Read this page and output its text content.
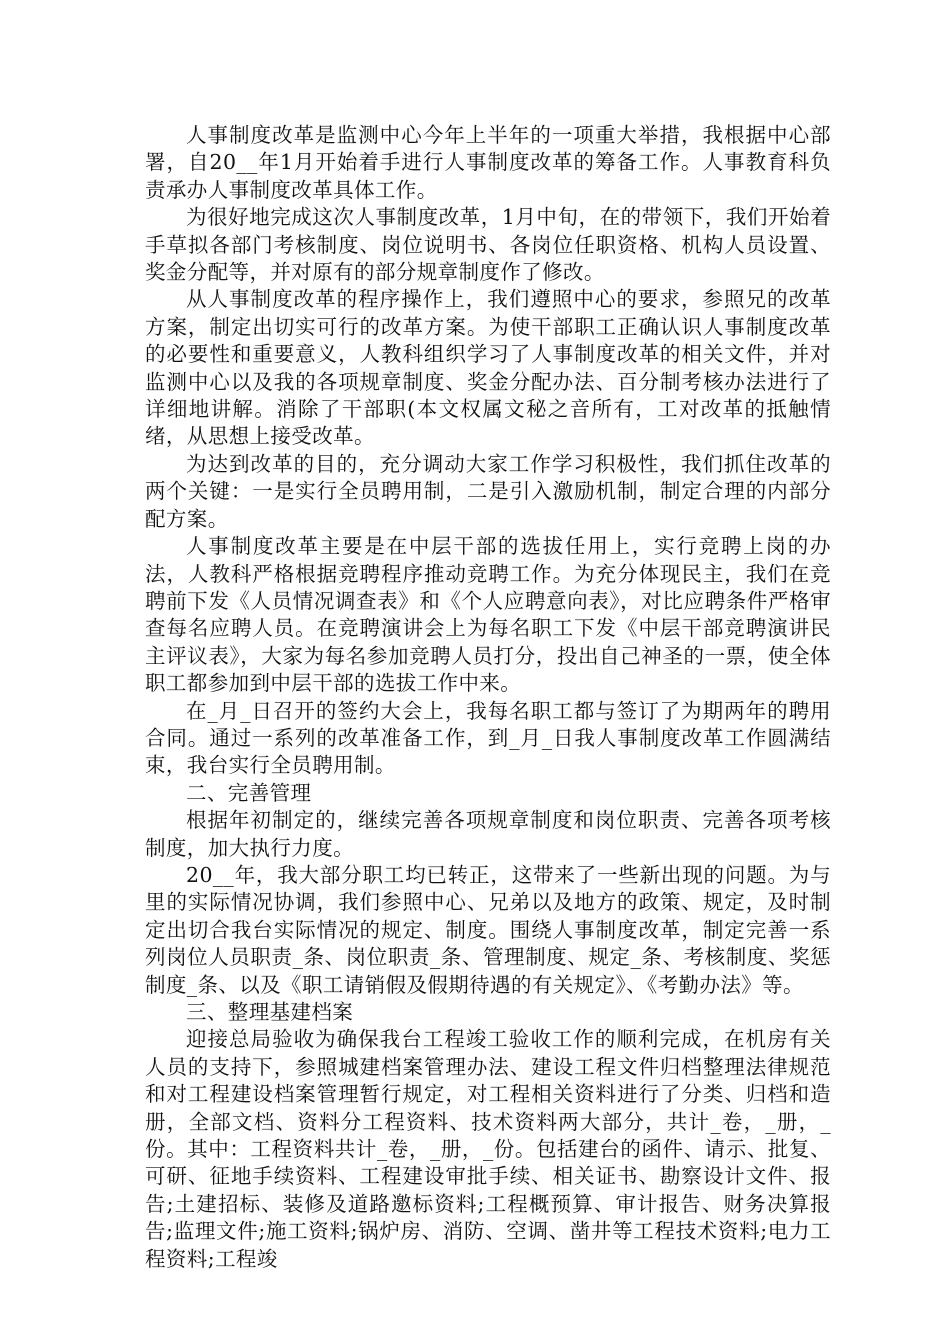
人事制度改革是监测中心今年上半年的一项重大举措，我根据中心部署，自20__年1月开始着手进行人事制度改革的筹备工作。人事教育科负责承办人事制度改革具体工作。

为很好地完成这次人事制度改革，1月中旬，在的带领下，我们开始着手草拟各部门考核制度、岗位说明书、各岗位任职资格、机构人员设置、奖金分配等，并对原有的部分规章制度作了修改。

从人事制度改革的程序操作上，我们遵照中心的要求，参照兄的改革方案，制定出切实可行的改革方案。为使干部职工正确认识人事制度改革的必要性和重要意义，人教科组织学习了人事制度改革的相关文件，并对监测中心以及我的各项规章制度、奖金分配办法、百分制考核办法进行了详细地讲解。消除了干部职(本文权属文秘之音所有，工对改革的抵触情绪，从思想上接受改革。

为达到改革的目的，充分调动大家工作学习积极性，我们抓住改革的两个关键：一是实行全员聘用制，二是引入激励机制，制定合理的内部分配方案。

人事制度改革主要是在中层干部的选拔任用上，实行竞聘上岗的办法，人教科严格根据竞聘程序推动竞聘工作。为充分体现民主，我们在竞聘前下发《人员情况调查表》和《个人应聘意向表》，对比应聘条件严格审查每名应聘人员。在竞聘演讲会上为每名职工下发《中层干部竞聘演讲民主评议表》，大家为每名参加竞聘人员打分，投出自己神圣的一票，使全体职工都参加到中层干部的选拔工作中来。

在_月_日召开的签约大会上，我每名职工都与签订了为期两年的聘用合同。通过一系列的改革准备工作，到_月_日我人事制度改革工作圆满结束，我台实行全员聘用制。

二、完善管理

根据年初制定的，继续完善各项规章制度和岗位职责、完善各项考核制度，加大执行力度。

20__年，我大部分职工均已转正，这带来了一些新出现的问题。为与里的实际情况协调，我们参照中心、兄弟以及地方的政策、规定，及时制定出切合我台实际情况的规定、制度。围绕人事制度改革，制定完善一系列岗位人员职责_条、岗位职责_条、管理制度、规定_条、考核制度、奖惩制度_条、以及《职工请销假及假期待遇的有关规定》、《考勤办法》等。

三、整理基建档案

迎接总局验收为确保我台工程竣工验收工作的顺利完成，在机房有关人员的支持下，参照城建档案管理办法、建设工程文件归档整理法律规范和对工程建设档案管理暂行规定，对工程相关资料进行了分类、归档和造册，全部文档、资料分工程资料、技术资料两大部分，共计_卷，_册，_份。其中：工程资料共计_卷，_册，_份。包括建台的函件、请示、批复、可研、征地手续资料、工程建设审批手续、相关证书、勘察设计文件、报告;土建招标、装修及道路邀标资料;工程概预算、审计报告、财务决算报告;监理文件;施工资料;锅炉房、消防、空调、凿井等工程技术资料;电力工程资料;工程竣
